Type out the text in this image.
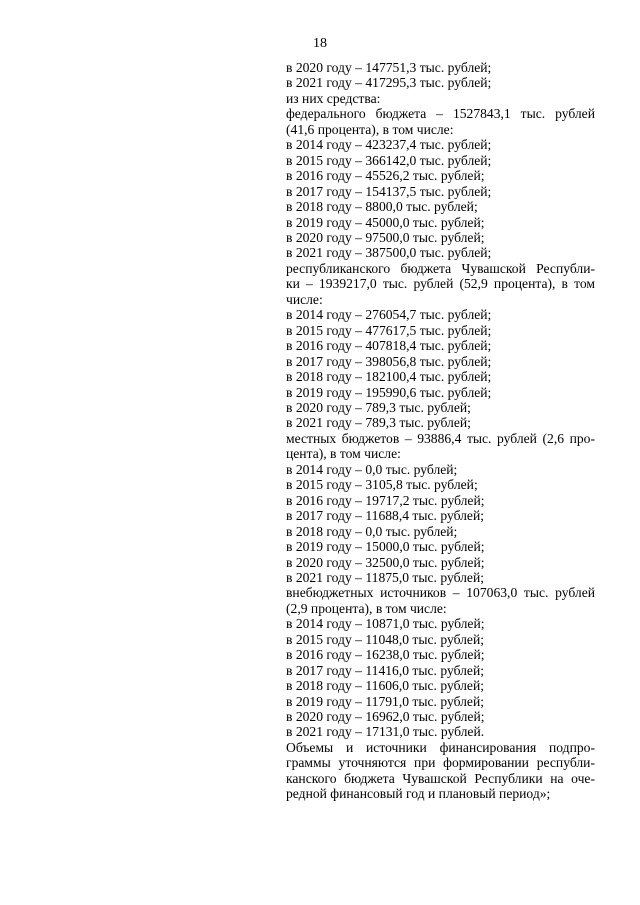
18
в 2020 году – 147751,3 тыс. рублей;
в 2021 году – 417295,3 тыс. рублей;
из них средства:
федерального бюджета – 1527843,1 тыс. рублей
(41,6 процента), в том числе:
в 2014 году – 423237,4 тыс. рублей;
в 2015 году – 366142,0 тыс. рублей;
в 2016 году – 45526,2 тыс. рублей;
в 2017 году – 154137,5 тыс. рублей;
в 2018 году – 8800,0 тыс. рублей;
в 2019 году – 45000,0 тыс. рублей;
в 2020 году – 97500,0 тыс. рублей;
в 2021 году – 387500,0 тыс. рублей;
республиканского бюджета Чувашской Республи-
ки – 1939217,0 тыс. рублей (52,9 процента), в том
числе:
в 2014 году – 276054,7 тыс. рублей;
в 2015 году – 477617,5 тыс. рублей;
в 2016 году – 407818,4 тыс. рублей;
в 2017 году – 398056,8 тыс. рублей;
в 2018 году – 182100,4 тыс. рублей;
в 2019 году – 195990,6 тыс. рублей;
в 2020 году – 789,3 тыс. рублей;
в 2021 году – 789,3 тыс. рублей;
местных бюджетов – 93886,4 тыс. рублей (2,6 про-
цента), в том числе:
в 2014 году – 0,0 тыс. рублей;
в 2015 году – 3105,8 тыс. рублей;
в 2016 году – 19717,2 тыс. рублей;
в 2017 году – 11688,4 тыс. рублей;
в 2018 году – 0,0 тыс. рублей;
в 2019 году – 15000,0 тыс. рублей;
в 2020 году – 32500,0 тыс. рублей;
в 2021 году – 11875,0 тыс. рублей;
внебюджетных источников – 107063,0 тыс. рублей
(2,9 процента), в том числе:
в 2014 году – 10871,0 тыс. рублей;
в 2015 году – 11048,0 тыс. рублей;
в 2016 году – 16238,0 тыс. рублей;
в 2017 году – 11416,0 тыс. рублей;
в 2018 году – 11606,0 тыс. рублей;
в 2019 году – 11791,0 тыс. рублей;
в 2020 году – 16962,0 тыс. рублей;
в 2021 году – 17131,0 тыс. рублей.
Объемы и источники финансирования подпро-
граммы уточняются при формировании республи-
канского бюджета Чувашской Республики на оче-
редной финансовый год и плановый период»;
